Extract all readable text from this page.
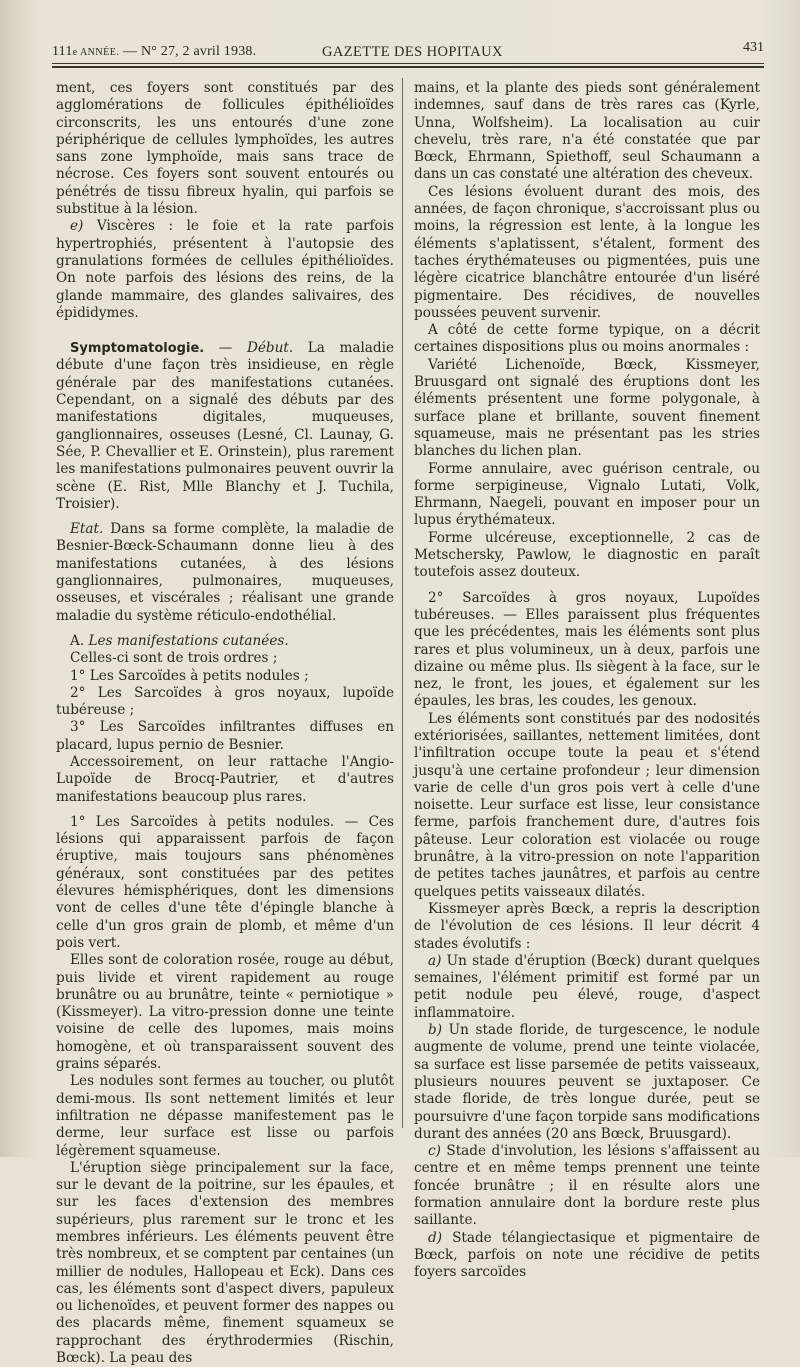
111e ANNÉE. — N° 27, 2 avril 1938.	GAZETTE DES HOPITAUX	431

ment, ces foyers sont constitués par des agglomérations de follicules épithélioïdes circonscrits, les uns entourés d'une zone périphérique de cellules lymphoïdes, les autres sans zone lymphoïde, mais sans trace de nécrose. Ces foyers sont souvent entourés ou pénétrés de tissu fibreux hyalin, qui parfois se substitue à la lésion.

e) Viscères : le foie et la rate parfois hypertrophiés, présentent à l'autopsie des granulations formées de cellules épithélioïdes. On note parfois des lésions des reins, de la glande mammaire, des glandes salivaires, des épididymes.

Symptomatologie. — Début. La maladie débute d'une façon très insidieuse, en règle générale par des manifestations cutanées. Cependant, on a signalé des débuts par des manifestations digitales, muqueuses, ganglionnaires, osseuses (Lesné, Cl. Launay, G. Sée, P. Chevallier et E. Orinstein), plus rarement les manifestations pulmonaires peuvent ouvrir la scène (E. Rist, Mlle Blanchy et J. Tuchila, Troisier).

Etat. Dans sa forme complète, la maladie de Besnier-Bœck-Schaumann donne lieu à des manifestations cutanées, à des lésions ganglionnaires, pulmonaires, muqueuses, osseuses, et viscérales ; réalisant une grande maladie du système réticulo-endothélial.

A. Les manifestations cutanées.

Celles-ci sont de trois ordres ;

1° Les Sarcoïdes à petits nodules ;

2° Les Sarcoïdes à gros noyaux, lupoïde tubéreuse ;

3° Les Sarcoïdes infiltrantes diffuses en placard, lupus pernio de Besnier.

Accessoirement, on leur rattache l'Angio-Lupoïde de Brocq-Pautrier, et d'autres manifestations beaucoup plus rares.

1° Les Sarcoïdes à petits nodules. — Ces lésions qui apparaissent parfois de façon éruptive, mais toujours sans phénomènes généraux, sont constituées par des petites élevures hémisphériques, dont les dimensions vont de celles d'une tête d'épingle blanche à celle d'un gros grain de plomb, et même d'un pois vert.

Elles sont de coloration rosée, rouge au début, puis livide et virent rapidement au rouge brunâtre ou au brunâtre, teinte « perniotique » (Kissmeyer). La vitro-pression donne une teinte voisine de celle des lupomes, mais moins homogène, et où transparaissent souvent des grains séparés.

Les nodules sont fermes au toucher, ou plutôt demi-mous. Ils sont nettement limités et leur infiltration ne dépasse manifestement pas le derme, leur surface est lisse ou parfois légèrement squameuse.

L'éruption siège principalement sur la face, sur le devant de la poitrine, sur les épaules, et sur les faces d'extension des membres supérieurs, plus rarement sur le tronc et les membres inférieurs. Les éléments peuvent être très nombreux, et se comptent par centaines (un millier de nodules, Hallopeau et Eck). Dans ces cas, les éléments sont d'aspect divers, papuleux ou lichenoïdes, et peuvent former des nappes ou des placards même, finement squameux se rapprochant des érythrodermies (Rischin, Bœck). La peau des

mains, et la plante des pieds sont généralement indemnes, sauf dans de très rares cas (Kyrle, Unna, Wolfsheim). La localisation au cuir chevelu, très rare, n'a été constatée que par Bœck, Ehrmann, Spiethoff, seul Schaumann a dans un cas constaté une altération des cheveux.

Ces lésions évoluent durant des mois, des années, de façon chronique, s'accroissant plus ou moins, la régression est lente, à la longue les éléments s'aplatissent, s'étalent, forment des taches érythémateuses ou pigmentées, puis une légère cicatrice blanchâtre entourée d'un liséré pigmentaire. Des récidives, de nouvelles poussées peuvent survenir.

A côté de cette forme typique, on a décrit certaines dispositions plus ou moins anormales :

Variété Lichenoïde, Bœck, Kissmeyer, Bruusgard ont signalé des éruptions dont les éléments présentent une forme polygonale, à surface plane et brillante, souvent finement squameuse, mais ne présentant pas les stries blanches du lichen plan.

Forme annulaire, avec guérison centrale, ou forme serpigineuse, Vignalo Lutati, Volk, Ehrmann, Naegeli, pouvant en imposer pour un lupus érythémateux.

Forme ulcéreuse, exceptionnelle, 2 cas de Metschersky, Pawlow, le diagnostic en paraît toutefois assez douteux.

2° Sarcoïdes à gros noyaux, Lupoïdes tubéreuses. — Elles paraissent plus fréquentes que les précédentes, mais les éléments sont plus rares et plus volumineux, un à deux, parfois une dizaine ou même plus. Ils siègent à la face, sur le nez, le front, les joues, et également sur les épaules, les bras, les coudes, les genoux.

Les éléments sont constitués par des nodosités extériorisées, saillantes, nettement limitées, dont l'infiltration occupe toute la peau et s'étend jusqu'à une certaine profondeur ; leur dimension varie de celle d'un gros pois vert à celle d'une noisette. Leur surface est lisse, leur consistance ferme, parfois franchement dure, d'autres fois pâteuse. Leur coloration est violacée ou rouge brunâtre, à la vitro-pression on note l'apparition de petites taches jaunâtres, et parfois au centre quelques petits vaisseaux dilatés.

Kissmeyer après Bœck, a repris la description de l'évolution de ces lésions. Il leur décrit 4 stades évolutifs :

a) Un stade d'éruption (Bœck) durant quelques semaines, l'élément primitif est formé par un petit nodule peu élevé, rouge, d'aspect inflammatoire.

b) Un stade floride, de turgescence, le nodule augmente de volume, prend une teinte violacée, sa surface est lisse parsemée de petits vaisseaux, plusieurs nouures peuvent se juxtaposer. Ce stade floride, de très longue durée, peut se poursuivre d'une façon torpide sans modifications durant des années (20 ans Bœck, Bruusgard).

c) Stade d'involution, les lésions s'affaissent au centre et en même temps prennent une teinte foncée brunâtre ; il en résulte alors une formation annulaire dont la bordure reste plus saillante.

d) Stade télangiectasique et pigmentaire de Bœck, parfois on note une récidive de petits foyers sarcoïdes
